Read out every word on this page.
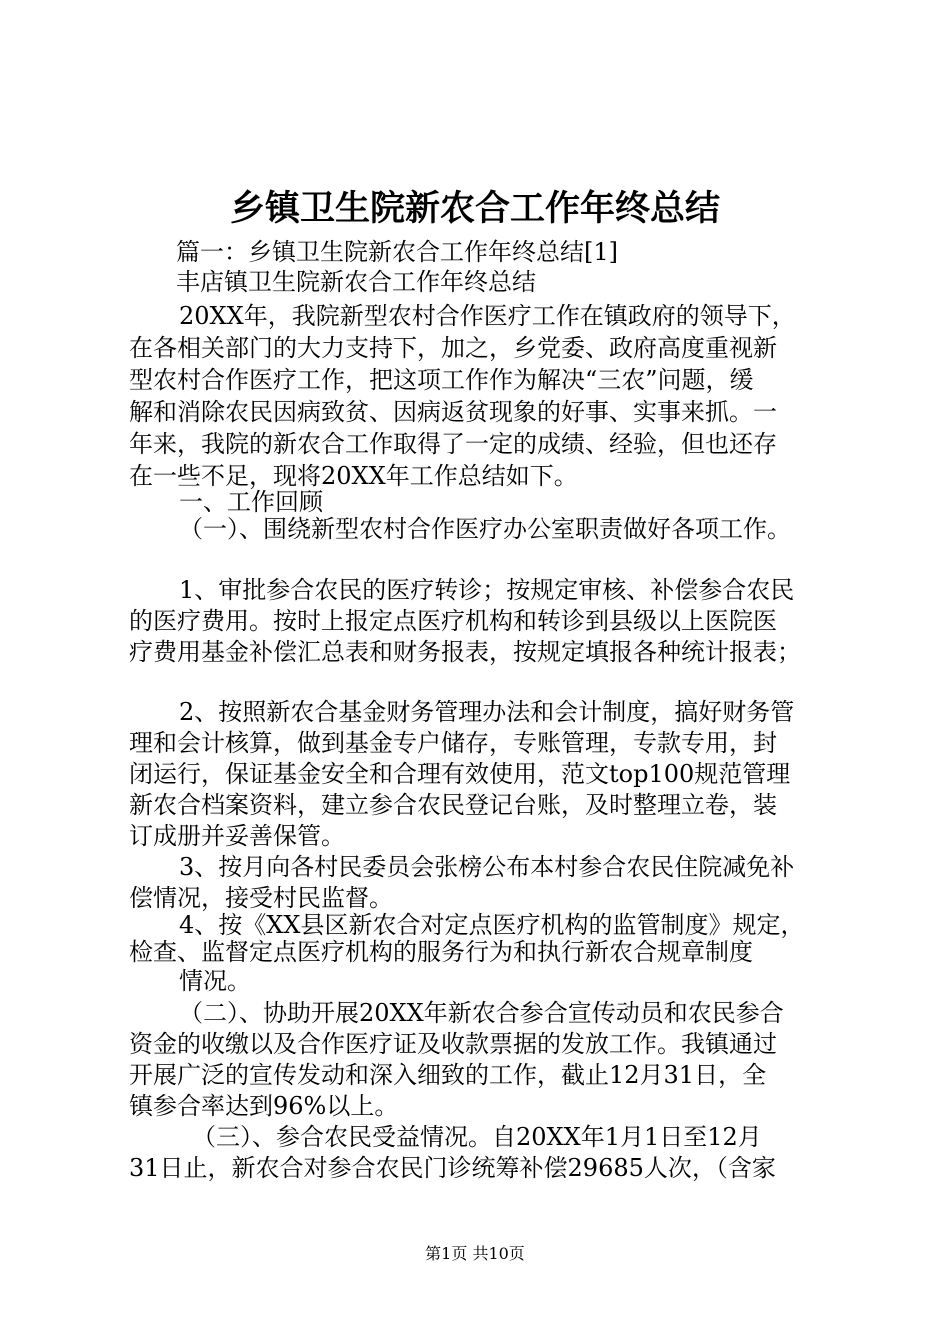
乡镇卫生院新农合工作年终总结

篇一：乡镇卫生院新农合工作年终总结[1]

丰店镇卫生院新农合工作年终总结

20XX年，我院新型农村合作医疗工作在镇政府的领导下，

在各相关部门的大力支持下，加之，乡党委、政府高度重视新

型农村合作医疗工作，把这项工作作为解决“三农”问题，缓

解和消除农民因病致贫、因病返贫现象的好事、实事来抓。一

年来，我院的新农合工作取得了一定的成绩、经验，但也还存

在一些不足，现将20XX年工作总结如下。

一、工作回顾

（一）、围绕新型农村合作医疗办公室职责做好各项工作。

1、审批参合农民的医疗转诊；按规定审核、补偿参合农民

的医疗费用。按时上报定点医疗机构和转诊到县级以上医院医

疗费用基金补偿汇总表和财务报表，按规定填报各种统计报表；

2、按照新农合基金财务管理办法和会计制度，搞好财务管

理和会计核算，做到基金专户储存，专账管理，专款专用，封

闭运行，保证基金安全和合理有效使用，范文top100规范管理

新农合档案资料，建立参合农民登记台账，及时整理立卷，装

订成册并妥善保管。

3、按月向各村民委员会张榜公布本村参合农民住院减免补

偿情况，接受村民监督。

4、按《XX县区新农合对定点医疗机构的监管制度》规定，

检查、监督定点医疗机构的服务行为和执行新农合规章制度

情况。

（二）、协助开展20XX年新农合参合宣传动员和农民参合

资金的收缴以及合作医疗证及收款票据的发放工作。我镇通过

开展广泛的宣传发动和深入细致的工作，截止12月31日，全

镇参合率达到96%以上。

（三）、参合农民受益情况。自20XX年1月1日至12月

31日止，新农合对参合农民门诊统筹补偿29685人次，（含家

第1页 共10页
